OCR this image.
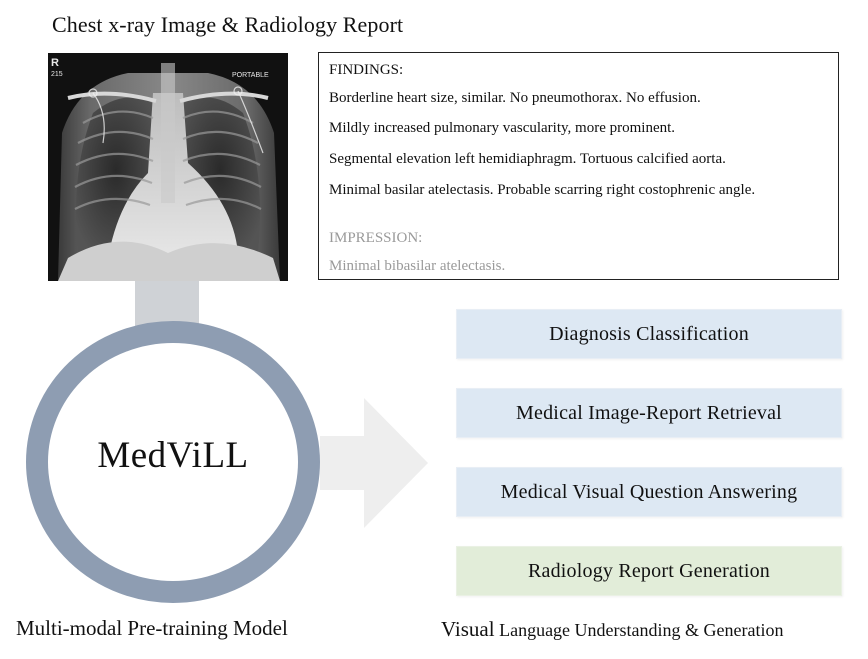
Chest x-ray Image & Radiology Report
R
215	PORTABLE	FINDINGS:
Borderline heart size, similar. No pneumothorax. No effusion.
Mildly increased pulmonary vascularity, more prominent.
Segmental elevation left hemidiaphragm. Tortuous calcified aorta.
Minimal basilar atelectasis. Probable scarring right costophrenic angle.
IMPRESSION:
Minimal bibasilar atelectasis.
MedViLL
Diagnosis Classification
Medical Image-Report Retrieval
Medical Visual Question Answering
Radiology Report Generation
Multi-modal Pre-training Model	Visual Language Understanding & Generation
